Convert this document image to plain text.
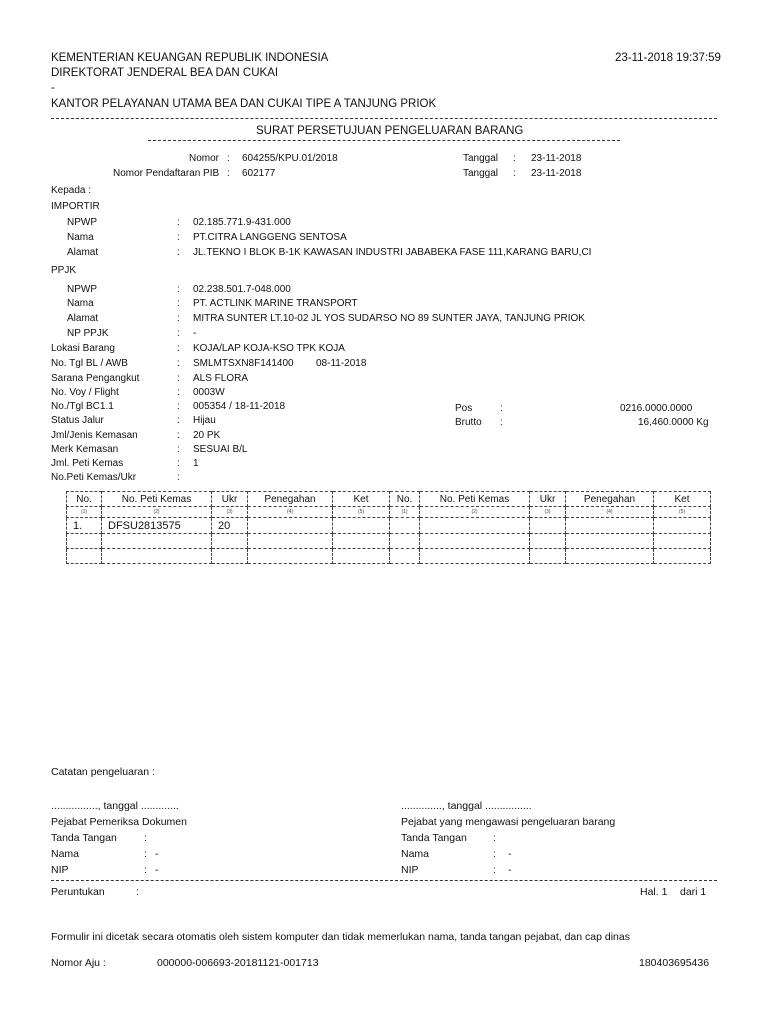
KEMENTERIAN KEUANGAN REPUBLIK INDONESIA
DIREKTORAT JENDERAL BEA DAN CUKAI
-
KANTOR PELAYANAN UTAMA BEA DAN CUKAI TIPE A TANJUNG PRIOK
23-11-2018 19:37:59
SURAT PERSETUJUAN PENGELUARAN BARANG
Nomor : 604255/KPU.01/2018
Nomor Pendaftaran PIB : 602177
Tanggal : 23-11-2018
Tanggal : 23-11-2018
Kepada :
IMPORTIR
NPWP	: 02.185.771.9-431.000
Nama	: PT.CITRA LANGGENG SENTOSA
Alamat	: JL.TEKNO I BLOK B-1K KAWASAN INDUSTRI JABABEKA FASE 111,KARANG BARU,CI
PPJK
NPWP	: 02.238.501.7-048.000
Nama	: PT. ACTLINK MARINE TRANSPORT
Alamat	: MITRA SUNTER LT.10-02 JL YOS SUDARSO NO 89 SUNTER JAYA, TANJUNG PRIOK
NP PPJK	: -
Lokasi Barang	: KOJA/LAP KOJA-KSO TPK KOJA
No. Tgl BL / AWB	: SMLMTSXN8F141400 08-11-2018
Sarana Pengangkut	: ALS FLORA
No. Voy / Flight	: 0003W
No./Tgl BC1.1	: 005354 / 18-11-2018
Status Jalur	: Hijau
Jml/Jenis Kemasan	: 20 PK
Merk Kemasan	: SESUAI B/L
Jml. Peti Kemas	: 1
No.Peti Kemas/Ukr	:
Pos	:	0216.0000.0000
Brutto :	16,460.0000 Kg
No.	No. Peti Kemas	Ukr	Penegahan	Ket	No.	No. Peti Kemas	Ukr	Penegahan	Ket
(1)	(2)	(3)	(4)	(5)	(1)	(2)	(3)	(4)	(5)
1.	DFSU2813575	20							

Catatan pengeluaran :
................, tanggal .............
Pejabat Pemeriksa Dokumen
Tanda Tangan	:
Nama	: -
NIP	: -
.............., tanggal ................
Pejabat yang mengawasi pengeluaran barang
Tanda Tangan :
Nama	: -
NIP	: -
Peruntukan	:	Hal. 1 dari 1
Formulir ini dicetak secara otomatis oleh sistem komputer dan tidak memerlukan nama, tanda tangan pejabat, dan cap dinas
Nomor Aju :	000000-006693-20181121-001713	180403695436
